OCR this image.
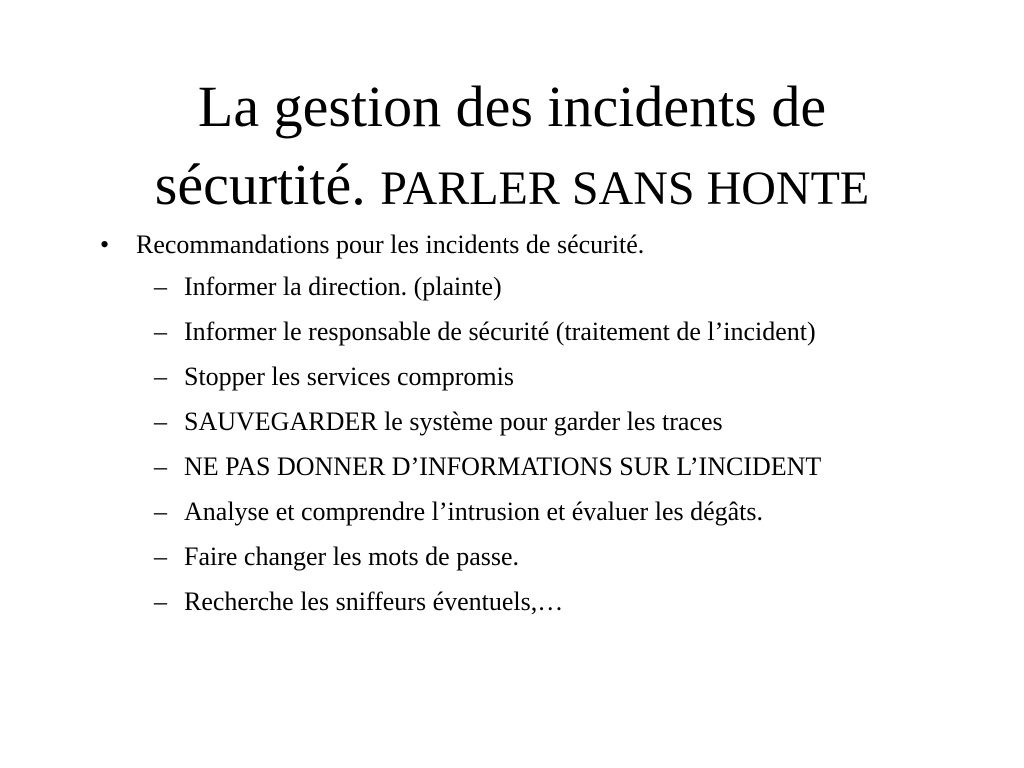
La gestion des incidents de
sécurtité. PARLER SANS HONTE
• Recommandations pour les incidents de sécurité.
– Informer la direction. (plainte)
– Informer le responsable de sécurité (traitement de l’incident)
– Stopper les services compromis
– SAUVEGARDER le système pour garder les traces
– NE PAS DONNER D’INFORMATIONS SUR L’INCIDENT
– Analyse et comprendre l’intrusion et évaluer les dégâts.
– Faire changer les mots de passe.
– Recherche les sniffeurs éventuels,…
